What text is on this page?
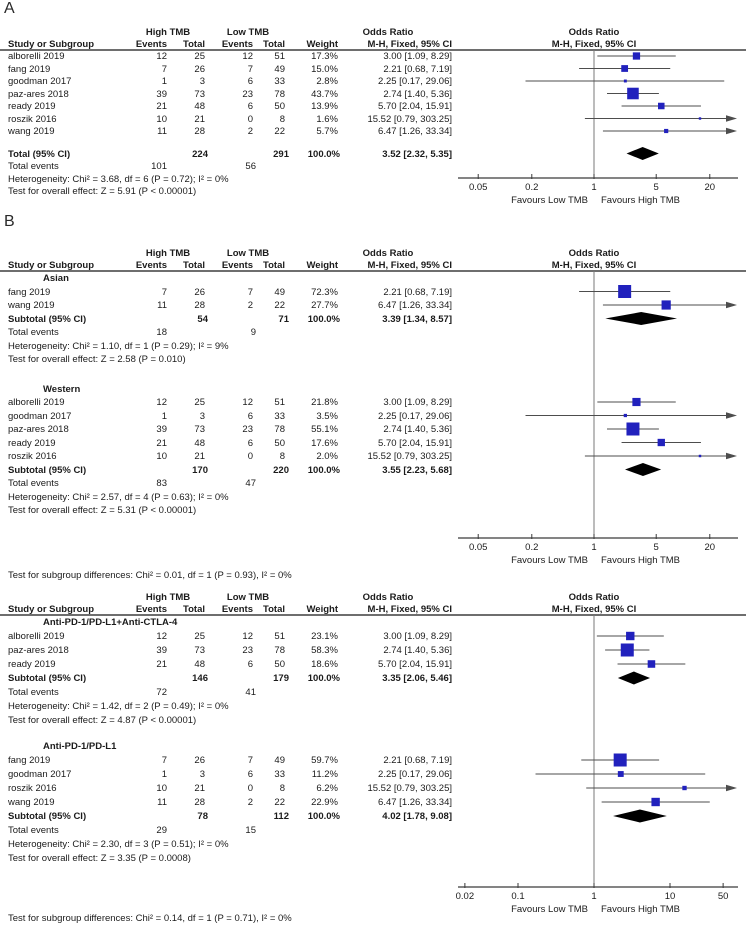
0.05	0.2	1	5	20
Favours Low TMB Favours High TMB
0.05	0.2	1	5	20
Favours Low TMB Favours High TMB
0.02	0.1	1	10	50
Favours Low TMB Favours High TMB
A
High TMB	Low TMB	Odds Ratio	Odds Ratio
Study or Subgroup	Events Total Events Total Weight	M-H, Fixed, 95% CI	M-H, Fixed, 95% CI
alborelli 2019	12	25	12 51	17.3%	3.00 [1.09, 8.29]
fang 2019	7	26	7 49	15.0%	2.21 [0.68, 7.19]
goodman 2017	1	3	6 33	2.8%	2.25 [0.17, 29.06]
paz-ares 2018	39	73	23 78	43.7%	2.74 [1.40, 5.36]
ready 2019	21	48	6 50	13.9%	5.70 [2.04, 15.91]
roszik 2016	10	21	0	8	1.6%	15.52 [0.79, 303.25]
wang 2019	11	28	2 22	5.7%	6.47 [1.26, 33.34]
Total (95% CI)	224	291 100.0%	3.52 [2.32, 5.35]
Total events	101	56
Heterogeneity: Chi² = 3.68, df = 6 (P = 0.72); I² = 0%
Test for overall effect: Z = 5.91 (P < 0.00001)
B
High TMB	Low TMB	Odds Ratio	Odds Ratio
Study or Subgroup	Events Total Events Total Weight	M-H, Fixed, 95% CI	M-H, Fixed, 95% CI
Asian
fang 2019	7	26	7 49	72.3%	2.21 [0.68, 7.19]
wang 2019	11	28	2 22	27.7%	6.47 [1.26, 33.34]
Subtotal (95% CI)	54	71 100.0%	3.39 [1.34, 8.57]
Total events	18	9
Heterogeneity: Chi² = 1.10, df = 1 (P = 0.29); I² = 9%
Test for overall effect: Z = 2.58 (P = 0.010)
Western
alborelli 2019	12	25	12 51	21.8%	3.00 [1.09, 8.29]
goodman 2017	1	3	6 33	3.5%	2.25 [0.17, 29.06]
paz-ares 2018	39	73	23 78	55.1%	2.74 [1.40, 5.36]
ready 2019	21	48	6 50	17.6%	5.70 [2.04, 15.91]
roszik 2016	10	21	0	8	2.0%	15.52 [0.79, 303.25]
Subtotal (95% CI)	170	220 100.0%	3.55 [2.23, 5.68]
Total events	83	47
Heterogeneity: Chi² = 2.57, df = 4 (P = 0.63); I² = 0%
Test for overall effect: Z = 5.31 (P < 0.00001)
Test for subgroup differences: Chi² = 0.01, df = 1 (P = 0.93), I² = 0%
High TMB	Low TMB	Odds Ratio	Odds Ratio
Study or Subgroup	Events Total Events Total Weight	M-H, Fixed, 95% CI	M-H, Fixed, 95% CI
Anti-PD-1/PD-L1+Anti-CTLA-4
alborelli 2019	12	25	12 51	23.1%	3.00 [1.09, 8.29]
paz-ares 2018	39	73	23 78	58.3%	2.74 [1.40, 5.36]
ready 2019	21	48	6 50	18.6%	5.70 [2.04, 15.91]
Subtotal (95% CI)	146	179 100.0%	3.35 [2.06, 5.46]
Total events	72	41
Heterogeneity: Chi² = 1.42, df = 2 (P = 0.49); I² = 0%
Test for overall effect: Z = 4.87 (P < 0.00001)
Anti-PD-1/PD-L1
fang 2019	7	26	7 49	59.7%	2.21 [0.68, 7.19]
goodman 2017	1	3	6 33	11.2%	2.25 [0.17, 29.06]
roszik 2016	10	21	0	8	6.2%	15.52 [0.79, 303.25]
wang 2019	11	28	2 22	22.9%	6.47 [1.26, 33.34]
Subtotal (95% CI)	78	112 100.0%	4.02 [1.78, 9.08]
Total events	29	15
Heterogeneity: Chi² = 2.30, df = 3 (P = 0.51); I² = 0%
Test for overall effect: Z = 3.35 (P = 0.0008)
Test for subgroup differences: Chi² = 0.14, df = 1 (P = 0.71), I² = 0%
